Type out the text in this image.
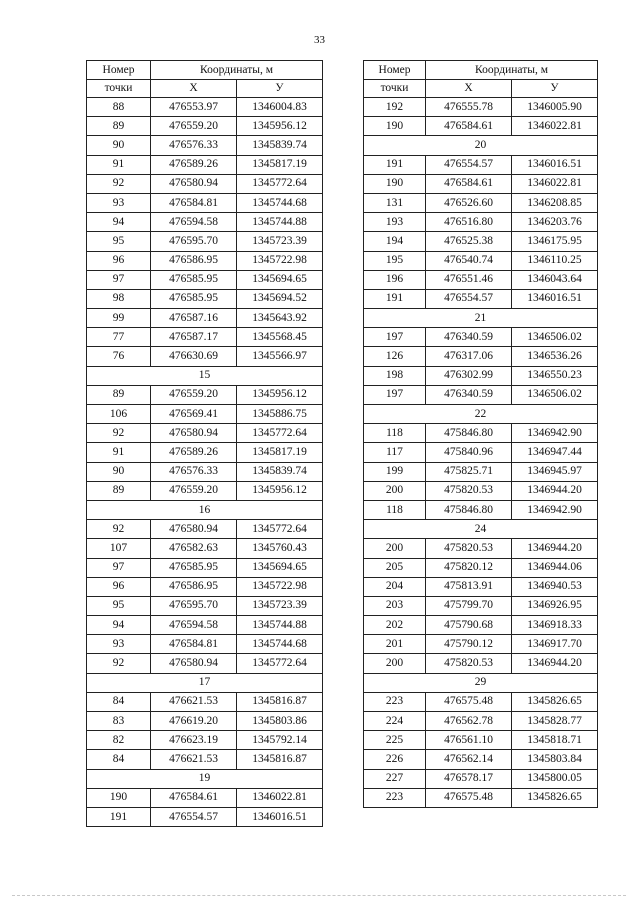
33
Номер	Координаты, м	
точки	X	У
88	476553.97	1346004.83
89	476559.20	1345956.12
90	476576.33	1345839.74
91	476589.26	1345817.19
92	476580.94	1345772.64
93	476584.81	1345744.68
94	476594.58	1345744.88
95	476595.70	1345723.39
96	476586.95	1345722.98
97	476585.95	1345694.65
98	476585.95	1345694.52
99	476587.16	1345643.92
77	476587.17	1345568.45
76	476630.69	1345566.97
15		
89	476559.20	1345956.12
106	476569.41	1345886.75
92	476580.94	1345772.64
91	476589.26	1345817.19
90	476576.33	1345839.74
89	476559.20	1345956.12
16		
92	476580.94	1345772.64
107	476582.63	1345760.43
97	476585.95	1345694.65
96	476586.95	1345722.98
95	476595.70	1345723.39
94	476594.58	1345744.88
93	476584.81	1345744.68
92	476580.94	1345772.64
17		
84	476621.53	1345816.87
83	476619.20	1345803.86
82	476623.19	1345792.14
84	476621.53	1345816.87
19		
190	476584.61	1346022.81
191	476554.57	1346016.51
Номер	Координаты, м	
точки	X	У
192	476555.78	1346005.90
190	476584.61	1346022.81
20		
191	476554.57	1346016.51
190	476584.61	1346022.81
131	476526.60	1346208.85
193	476516.80	1346203.76
194	476525.38	1346175.95
195	476540.74	1346110.25
196	476551.46	1346043.64
191	476554.57	1346016.51
21		
197	476340.59	1346506.02
126	476317.06	1346536.26
198	476302.99	1346550.23
197	476340.59	1346506.02
22		
118	475846.80	1346942.90
117	475840.96	1346947.44
199	475825.71	1346945.97
200	475820.53	1346944.20
118	475846.80	1346942.90
24		
200	475820.53	1346944.20
205	475820.12	1346944.06
204	475813.91	1346940.53
203	475799.70	1346926.95
202	475790.68	1346918.33
201	475790.12	1346917.70
200	475820.53	1346944.20
29		
223	476575.48	1345826.65
224	476562.78	1345828.77
225	476561.10	1345818.71
226	476562.14	1345803.84
227	476578.17	1345800.05
223	476575.48	1345826.65
